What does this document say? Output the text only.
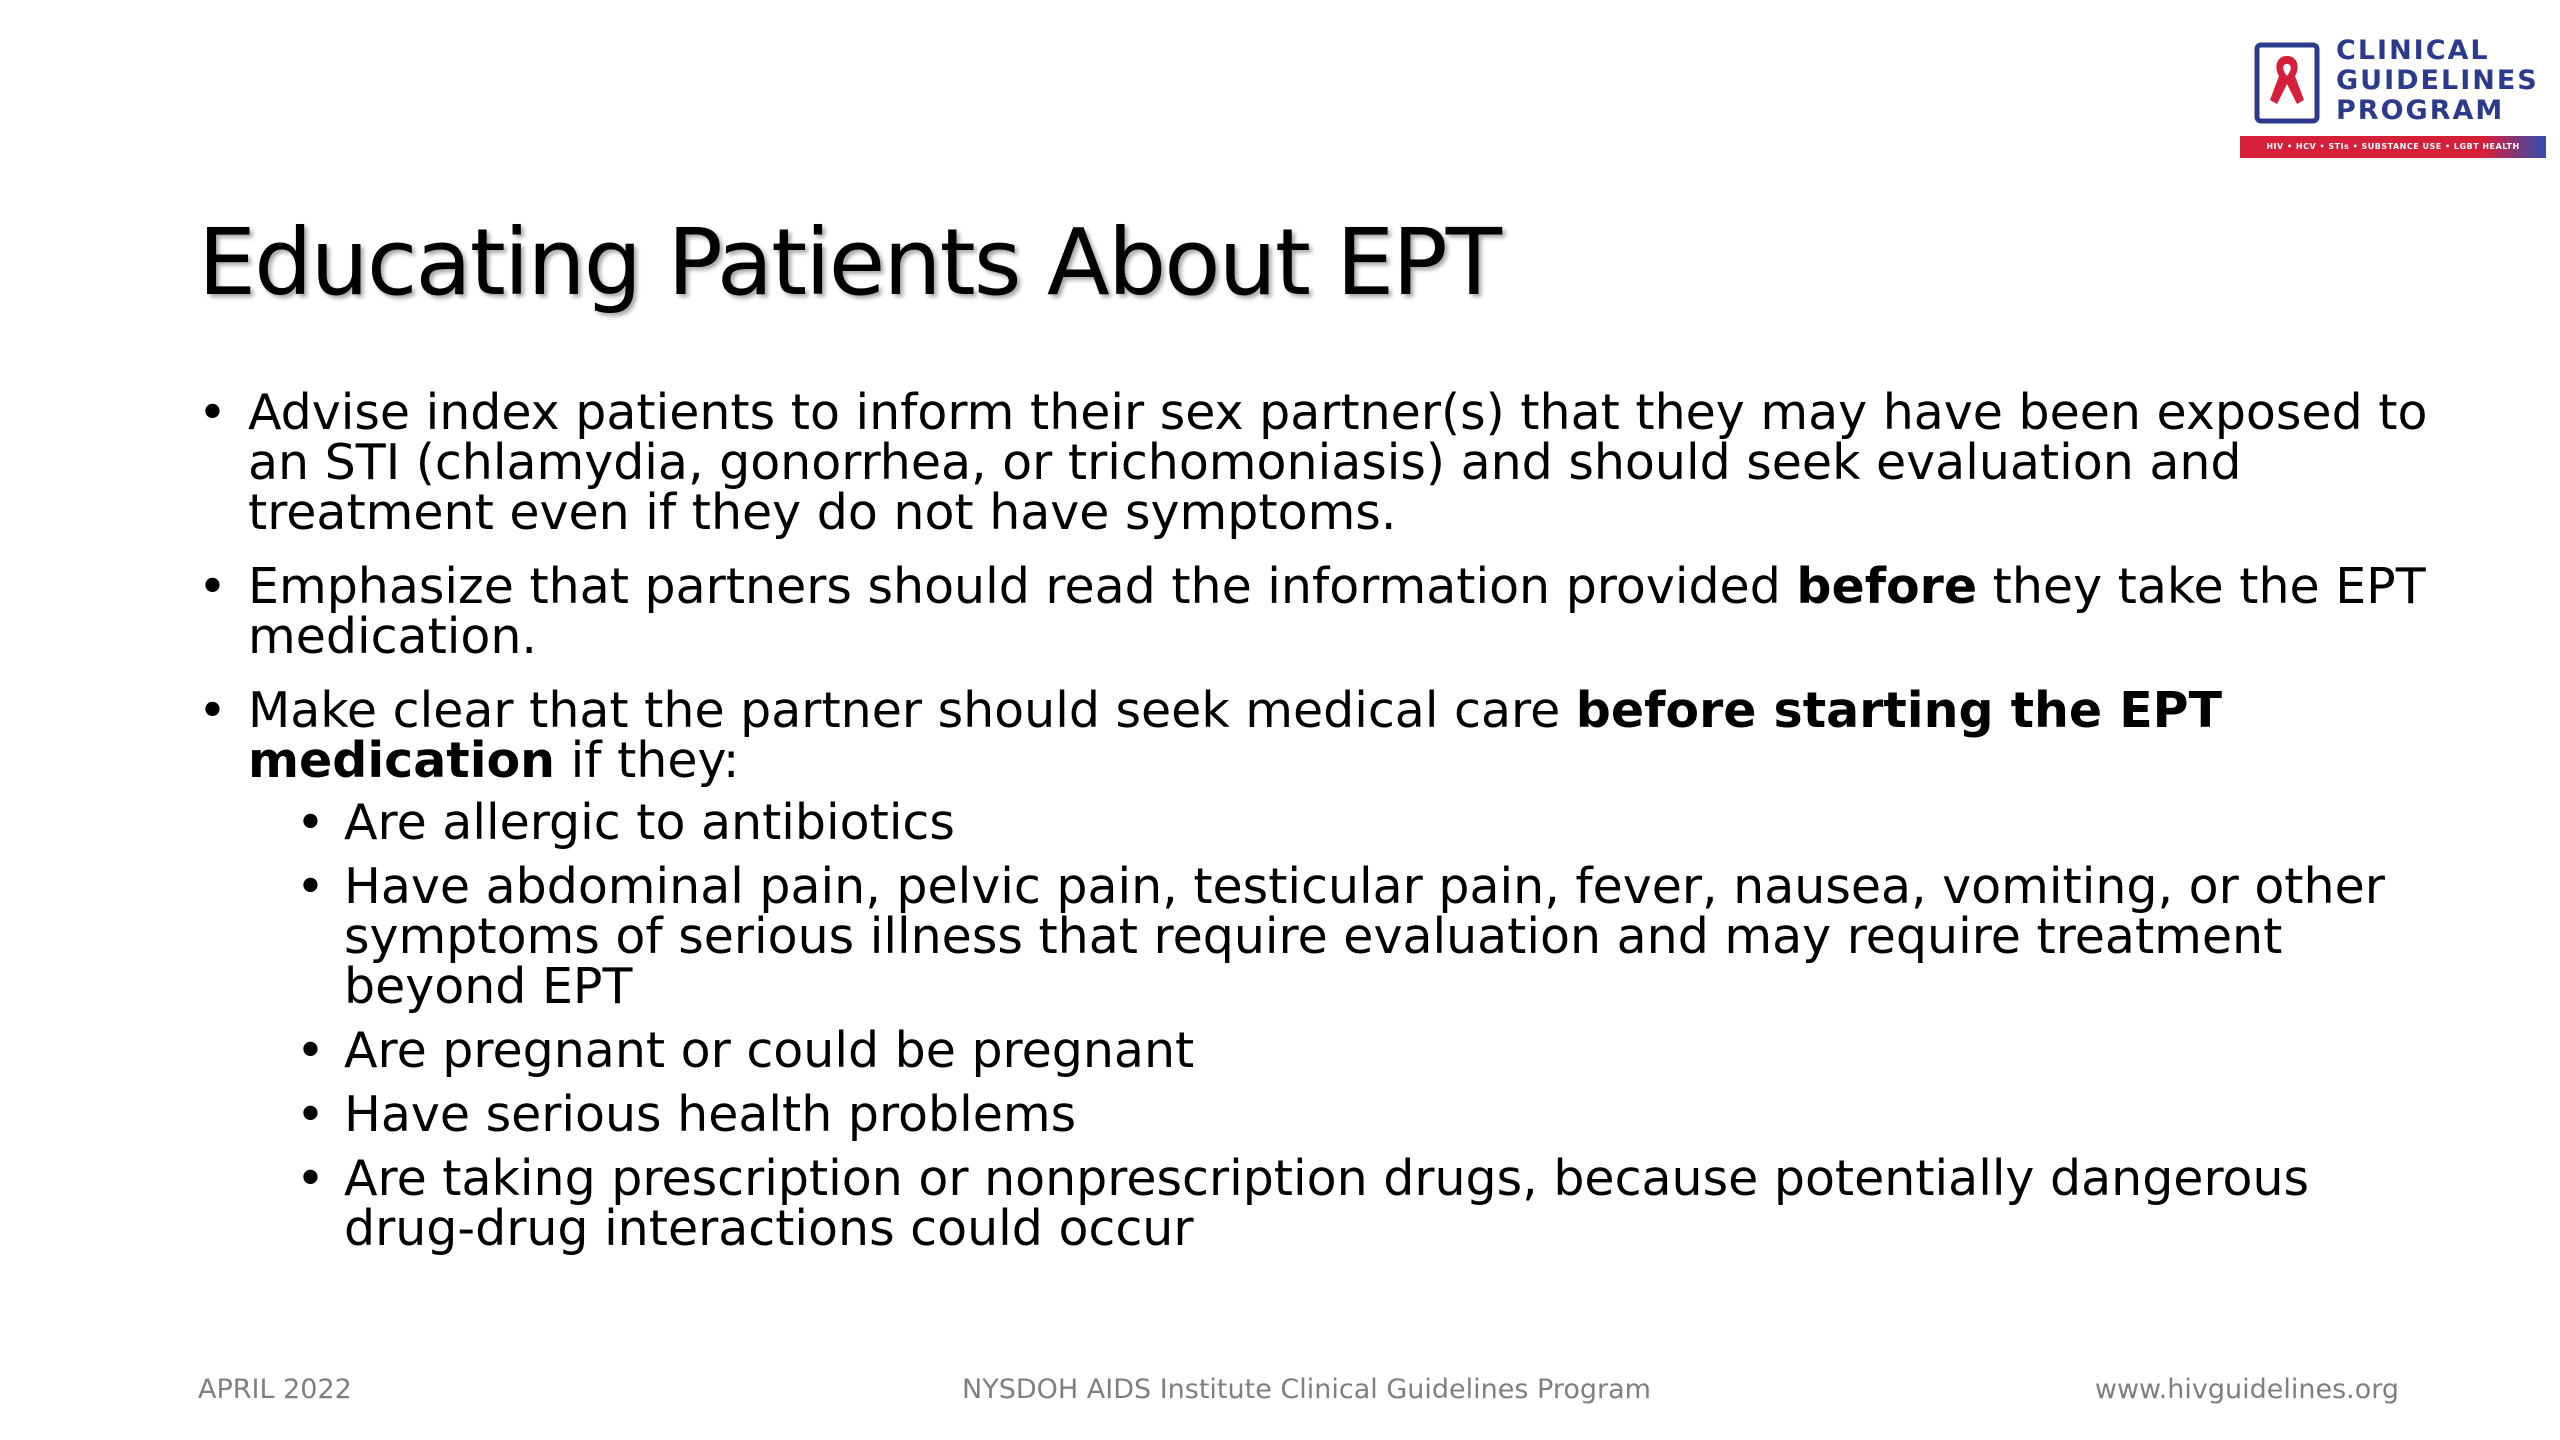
Educating Patients About EPT
CLINICAL
GUIDELINES
PROGRAM
HIV • HCV • STIs • SUBSTANCE USE • LGBT HEALTH
• Advise index patients to inform their sex partner(s) that they may have been exposed to an STI (chlamydia, gonorrhea, or trichomoniasis) and should seek evaluation and treatment even if they do not have symptoms.
• Emphasize that partners should read the information provided before they take the EPT medication.
• Make clear that the partner should seek medical care before starting the EPT medication if they:
• Are allergic to antibiotics
• Have abdominal pain, pelvic pain, testicular pain, fever, nausea, vomiting, or other symptoms of serious illness that require evaluation and may require treatment beyond EPT
• Are pregnant or could be pregnant
• Have serious health problems
• Are taking prescription or nonprescription drugs, because potentially dangerous drug-drug interactions could occur
APRIL 2022	NYSDOH AIDS Institute Clinical Guidelines Program	www.hivguidelines.org
